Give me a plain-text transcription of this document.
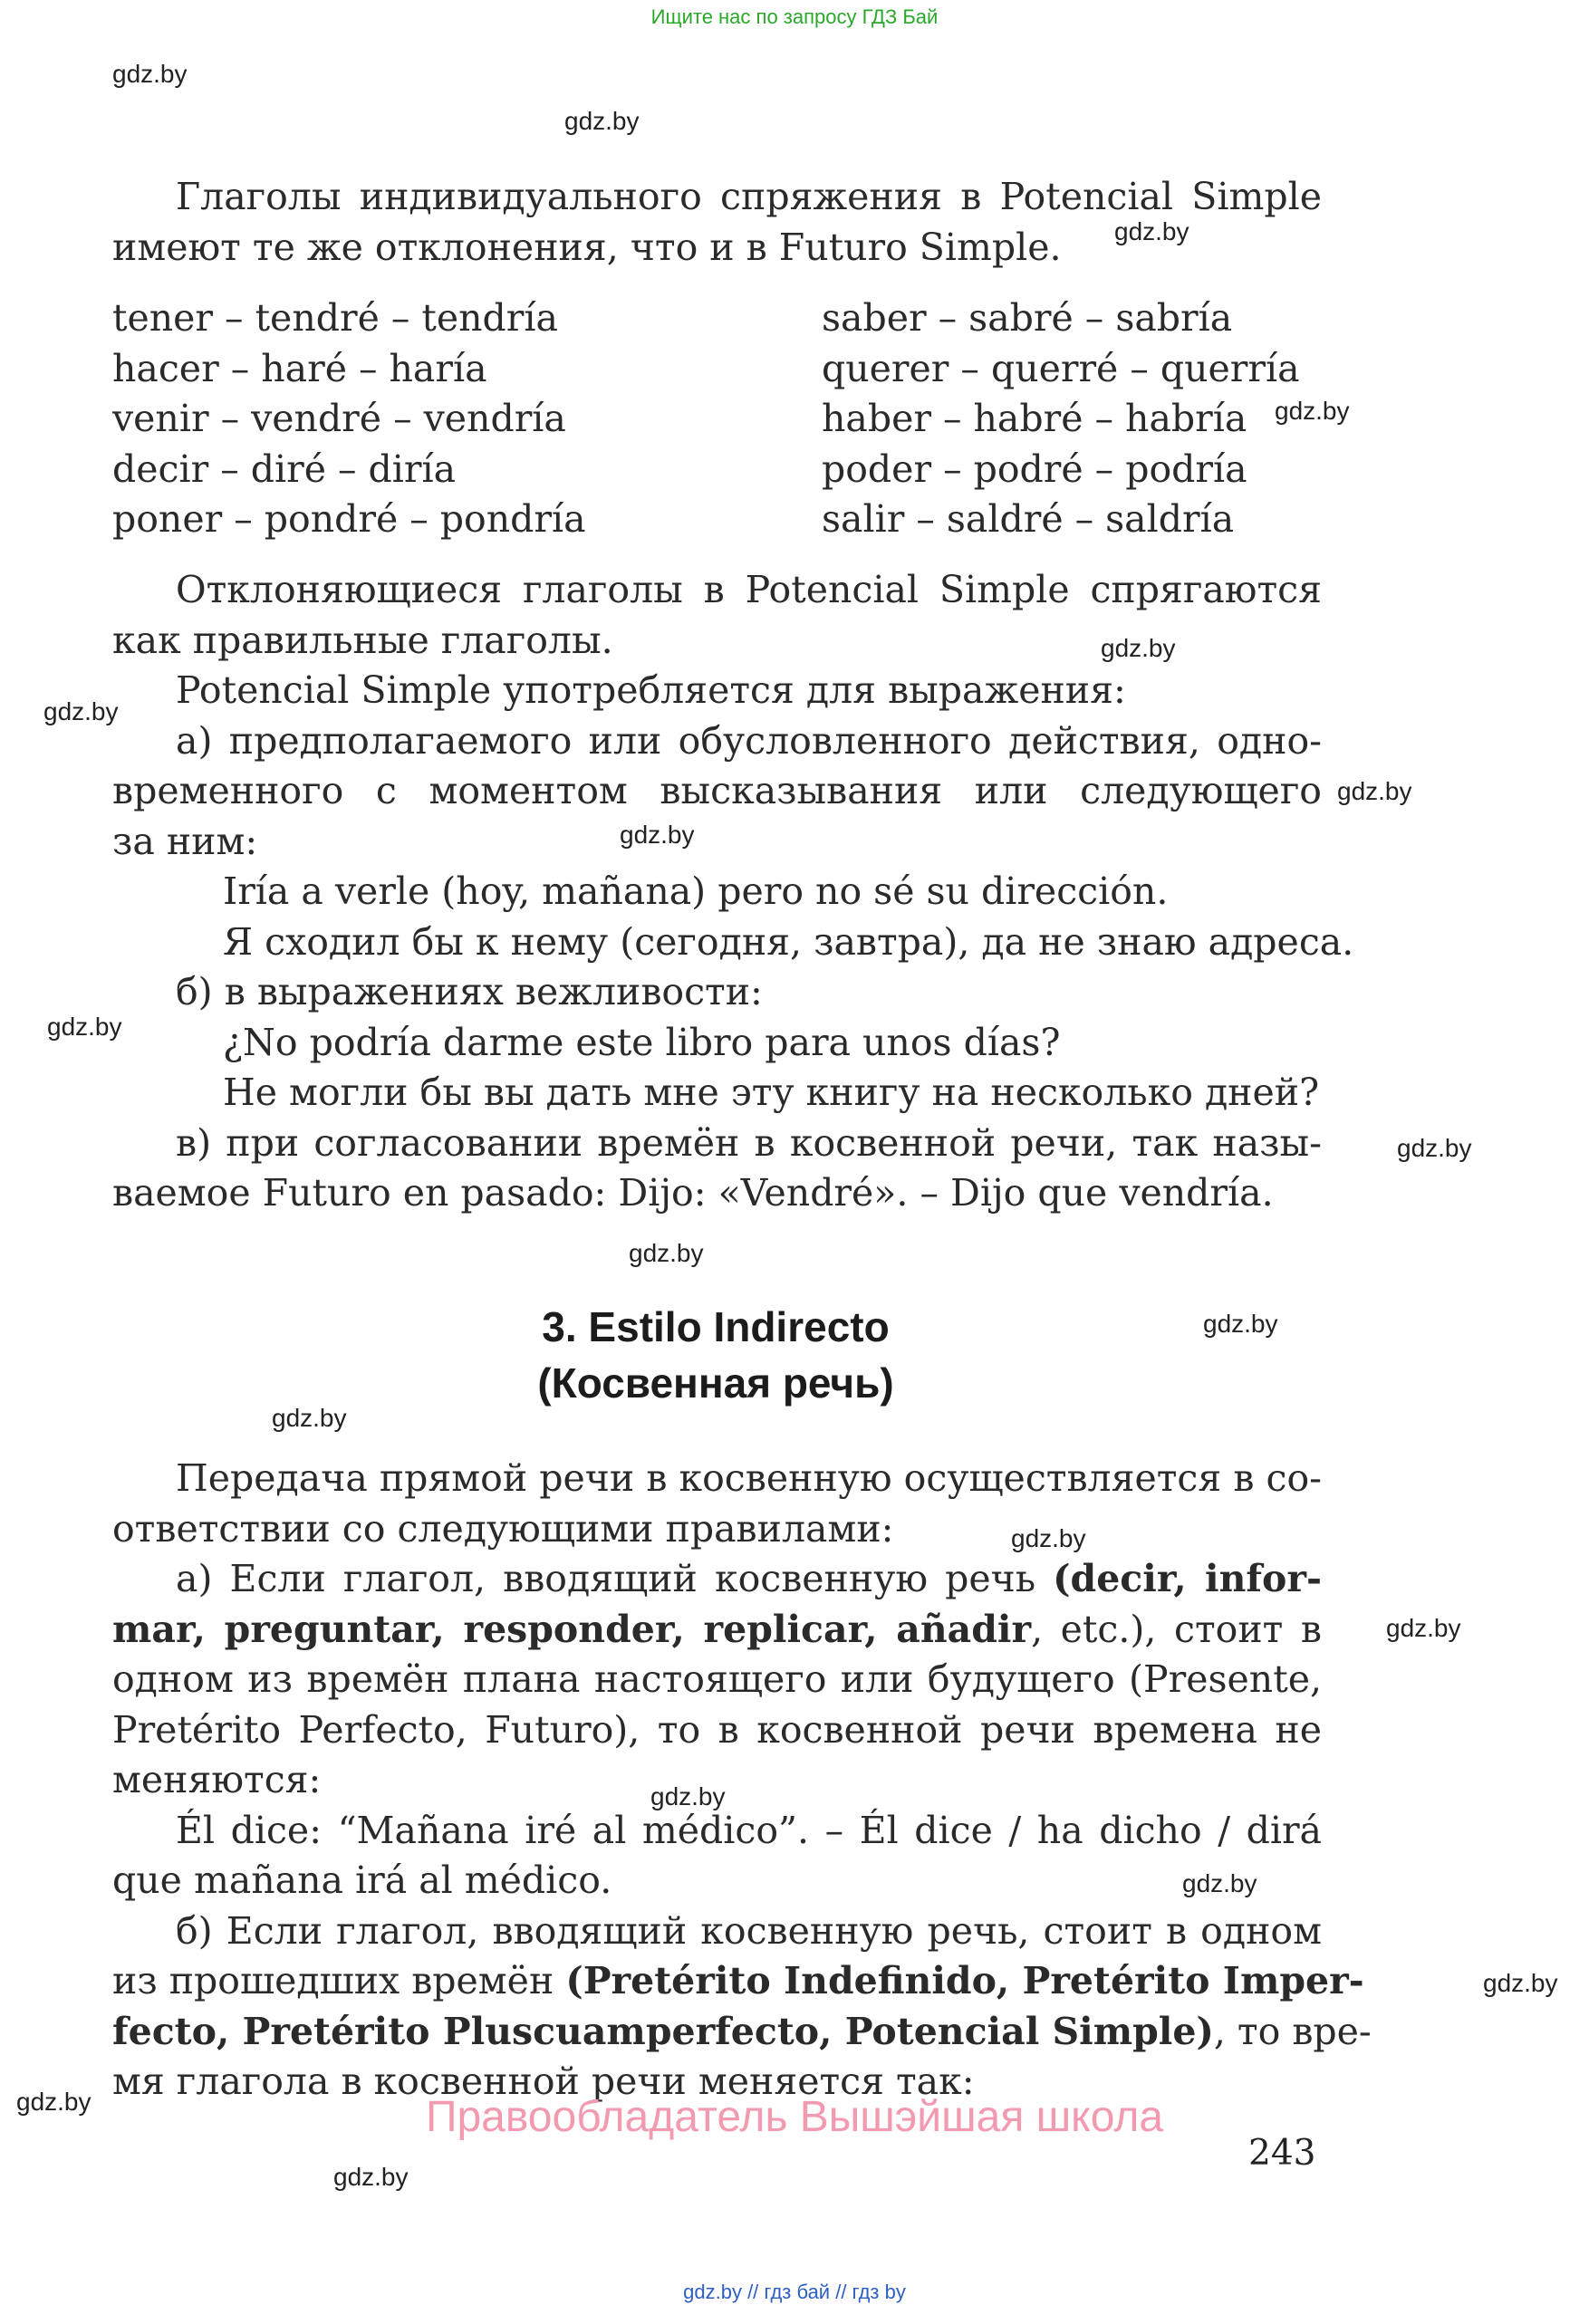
Ищите нас по запросу ГДЗ Бай
gdz.by
gdz.by
gdz.by
gdz.by
gdz.by
gdz.by
gdz.by
gdz.by
gdz.by
gdz.by
gdz.by
gdz.by
gdz.by
gdz.by
gdz.by
gdz.by
gdz.by
gdz.by
gdz.by
gdz.by
Глаголы индивидуального спряжения в Potencial Simple
имеют те же отклонения, что и в Futuro Simple.
tener – tendré – tendría
hacer – haré – haría
venir – vendré – vendría
decir – diré – diría
poner – pondré – pondría
saber – sabré – sabría
querer – querré – querría
haber – habré – habría
poder – podré – podría
salir – saldré – saldría
Отклоняющиеся глаголы в Potencial Simple спрягаются
как правильные глаголы.
Potencial Simple употребляется для выражения:
а) предполагаемого или обусловленного действия, одно-
временного с моментом высказывания или следующего
за ним:
Iría a verle (hoy, mañana) pero no sé su dirección.
Я сходил бы к нему (сегодня, завтра), да не знаю адреса.
б) в выражениях вежливости:
¿No podría darme este libro para unos días?
Не могли бы вы дать мне эту книгу на несколько дней?
в) при согласовании времён в косвенной речи, так назы-
ваемое Futuro en pasado: Dijo: «Vendré». – Dijo que vendría.
3. Estilo Indirecto
(Косвенная речь)
Передача прямой речи в косвенную осуществляется в со-
ответствии со следующими правилами:
а) Если глагол, вводящий косвенную речь (decir, infor-
mar, preguntar, responder, replicar, añadir, etc.), стоит в
одном из времён плана настоящего или будущего (Presente,
Pretérito Perfecto, Futuro), то в косвенной речи времена не
меняются:
Él dice: “Mañana iré al médico”. – Él dice / ha dicho / dirá
que mañana irá al médico.
б) Если глагол, вводящий косвенную речь, стоит в одном
из прошедших времён (Pretérito Indefinido, Pretérito Imper-
fecto, Pretérito Pluscuamperfecto, Potencial Simple), то вре-
мя глагола в косвенной речи меняется так:
Правообладатель Вышэйшая школа
243
gdz.by // гдз бай // гдз by
